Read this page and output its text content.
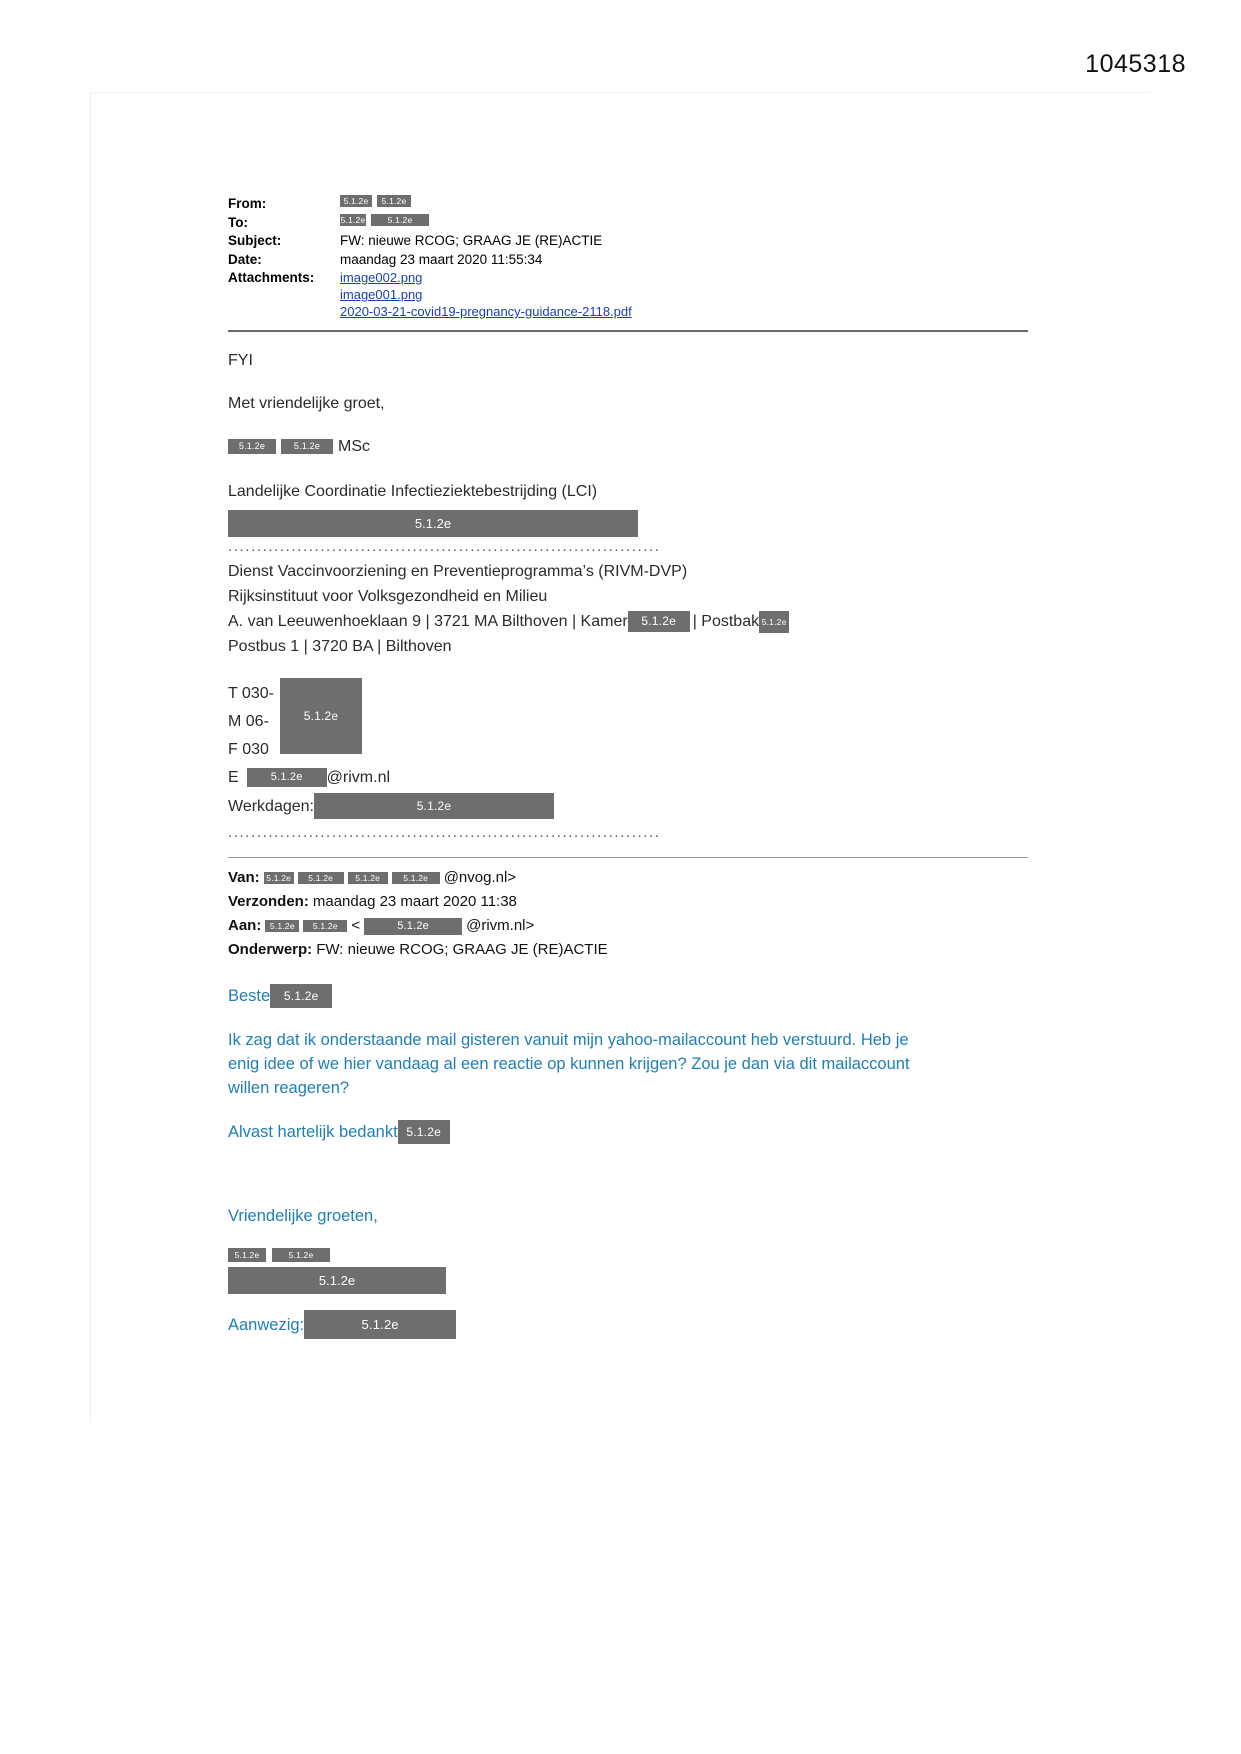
1045318
From:	5.1.2e	5.1.2e
To:	5.1.2e	5.1.2e
Subject:	FW: nieuwe RCOG; GRAAG JE (RE)ACTIE
Date:	maandag 23 maart 2020 11:55:34
Attachments:	image002.png
image001.png
2020-03-21-covid19-pregnancy-guidance-2118.pdf
FYI
Met vriendelijke groet,
5.1.2e	5.1.2e	MSc
Landelijke Coordinatie Infectieziektebestrijding (LCI)
5.1.2e
...........................................................................
Dienst Vaccinvoorziening en Preventieprogramma’s (RIVM-DVP)
Rijksinstituut voor Volksgezondheid en Milieu
A. van Leeuwenhoeklaan 9 | 3721 MA Bilthoven | Kamer	5.1.2e	| Postbak 5.1.2e
Postbus 1 | 3720 BA | Bilthoven
T 030-
M 06-
F 030
5.1.2e
E	5.1.2e	@rivm.nl
Werkdagen:	5.1.2e
...........................................................................
Van: 5.1.2e	5.1.2e	5.1.2e	5.1.2e	@nvog.nl>
Verzonden: maandag 23 maart 2020 11:38
Aan:	5.1.2e	5.1.2e <	5.1.2e	@rivm.nl>
Onderwerp: FW: nieuwe RCOG; GRAAG JE (RE)ACTIE
Beste	5.1.2e
Ik zag dat ik onderstaande mail gisteren vanuit mijn yahoo-mailaccount heb verstuurd. Heb je enig idee of we hier vandaag al een reactie op kunnen krijgen? Zou je dan via dit mailaccount willen reageren?
Alvast hartelijk bedankt 5.1.2e
Vriendelijke groeten,
5.1.2e	5.1.2e
5.1.2e
Aanwezig:	5.1.2e
